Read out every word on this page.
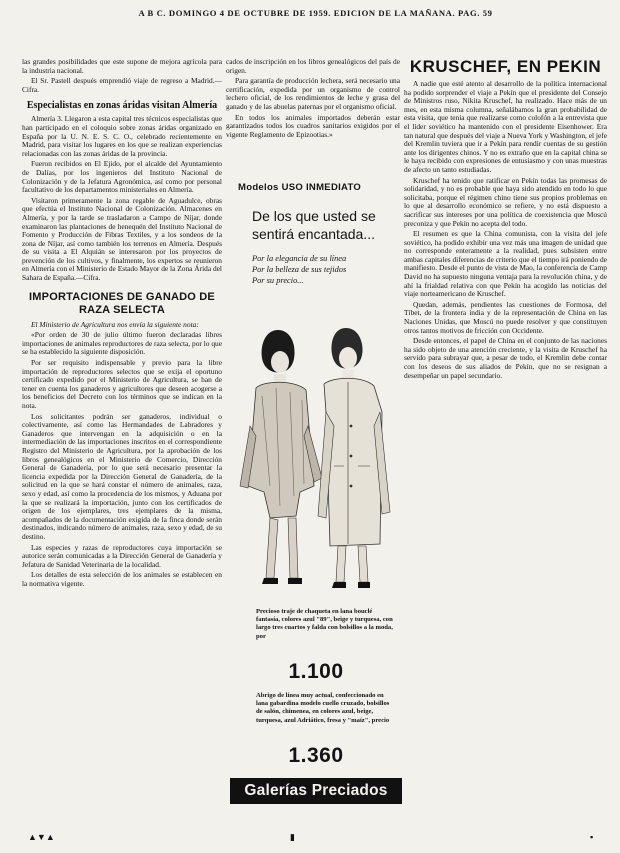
A B C. DOMINGO 4 DE OCTUBRE DE 1959. EDICION DE LA MAÑANA. PAG. 59

las grandes posibilidades que este supone de mejora agrícola para la industria nacional.

El Sr. Pastell después emprendió viaje de regreso a Madrid.—Cifra.

Especialistas en zonas áridas visitan Almería

Almería 3. Llegaron a esta capital tres técnicos especialistas que han participado en el coloquio sobre zonas áridas organizado en España por la U. N. E. S. C. O., celebrado recientemente en Madrid, para visitar los lugares en los que se realizan experiencias relacionadas con las zonas áridas de la provincia.

Fueron recibidos en El Ejido, por el alcalde del Ayuntamiento de Dalías, por los ingenieros del Instituto Nacional de Colonización y de la Jefatura Agronómica, así como por personal facultativo de los departamentos ministeriales en Almería.

Visitaron primeramente la zona regable de Aguadulce, obras que efectúa el Instituto Nacional de Colonización. Almacenes en Almería, y por la tarde se trasladaron a Campo de Níjar, donde examinaron las plantaciones de henequén del Instituto Nacional de Fomento y Producción de Fibras Textiles, y a los sondeos de la zona de Níjar, así como también los terrenos en Almería. Después de su visita a El Alquián se interesaron por los proyectos de prevención de los cultivos, y finalmente, los expertos se reunieron en Almería con el Ministerio de Estado Mayor de la Zona Árida del Sahara de España.—Cifra.

IMPORTACIONES DE GANADO DE RAZA SELECTA

El Ministerio de Agricultura nos envía la siguiente nota:

«Por orden de 30 de julio último fueron declaradas libres importaciones de animales reproductores de raza selecta, por lo que se ha establecido la siguiente disposición.

Por ser requisito indispensable y previo para la libre importación de reproductores selectos que se exija el oportuno certificado expedido por el Ministerio de Agricultura, se han de tener en cuenta los ganaderos y agricultores que deseen acogerse a los beneficios del Decreto con los términos que se indican en la nota.

Los solicitantes podrán ser ganaderos, individual o colectivamente, así como las Hermandades de Labradores y Ganaderos que intervengan en la adquisición o en la intermediación de las importaciones inscritos en el correspondiente Registro del Ministerio de Agricultura, por la aprobación de los libros genealógicos en el Ministerio de Comercio, Dirección General de Ganadería, por lo que será necesario presentar la licencia expedida por la Dirección General de Ganadería, de la solicitud en la que se hará constar el número de animales, raza, sexo y edad, así como la procedencia de los mismos, y Aduana por la que se realizará la importación, junto con los certificados de origen de los ejemplares, tres ejemplares de la misma, acompañados de la documentación exigida de la finca donde serán destinados, indicando número de animales, raza, sexo y edad, de su destino.

Las especies y razas de reproductores cuya importación se autorice serán comunicadas a la Dirección General de Ganadería y Jefatura de Sanidad Veterinaria de la localidad.

Los detalles de esta selección de los animales se establecen en la normativa vigente.

cados de inscripción en los libros genealógicos del país de origen.

Para garantía de producción lechera, será necesario una certificación, expedida por un organismo de control lechero oficial, de los rendimientos de leche y grasa del ganado y de las abuelas paternas por el organismo oficial.

En todos los animales importados deberán estar garantizados todos los cuadros sanitarios exigidos por el vigente Reglamento de Epizootias.»

Modelos USO INMEDIATO
De los que usted se sentirá encantada...
Por la elegancia de su línea
Por la belleza de sus tejidos
Por su precio...
Precioso traje de chaqueta en lana bouclé fantasía, colores azul "89", beige y turquesa, con largo tres cuartos y falda con bolsillos a la moda, por
1.100
Abrigo de línea muy actual, confeccionado en lana gabardina modelo cuello cruzado, bolsillos de salón, chimenea, en colores azul, beige, turquesa, azul Adriático, fresa y "maíz", precio
1.360
Galerías Preciados
KRUSCHEF, EN PEKIN

A nadie que esté atento al desarrollo de la política internacional ha podido sorprender el viaje a Pekín que el presidente del Consejo de Ministros ruso, Nikita Kruschef, ha realizado. Hace más de un mes, en esta misma columna, señalábamos la gran probabilidad de esta visita, que tenía que realizarse como colofón a la entrevista que el líder soviético ha mantenido con el presidente Eisenhower. Era tan natural que después del viaje a Nueva York y Washington, el jefe del Kremlin tuviera que ir a Pekín para rendir cuentas de su gestión ante los dirigentes chinos. Y no es extraño que en la capital china se le haya recibido con expresiones de entusiasmo y con unas muestras de afecto un tanto estudiadas.

Kruschef ha tenido que ratificar en Pekín todas las promesas de solidaridad, y no es probable que haya sido atendido en todo lo que solicitaba, porque el régimen chino tiene sus propios problemas en lo que al desarrollo económico se refiere, y no está dispuesto a sacrificar sus intereses por una política de coexistencia que Moscú preconiza y que Pekín no acepta del todo.

El resumen es que la China comunista, con la visita del jefe soviético, ha podido exhibir una vez más una imagen de unidad que no corresponde enteramente a la realidad, pues subsisten entre ambas capitales diferencias de criterio que el tiempo irá poniendo de manifiesto. Desde el punto de vista de Mao, la conferencia de Camp David no ha supuesto ninguna ventaja para la revolución china, y de ahí la frialdad relativa con que Pekín ha acogido las noticias del viaje norteamericano de Kruschef.

Quedan, además, pendientes las cuestiones de Formosa, del Tíbet, de la frontera india y de la representación de China en las Naciones Unidas, que Moscú no puede resolver y que constituyen otros tantos motivos de fricción con Occidente.

Desde entonces, el papel de China en el conjunto de las naciones ha sido objeto de una atención creciente, y la visita de Kruschef ha servido para subrayar que, a pesar de todo, el Kremlin debe contar con los deseos de sus aliados de Pekín, que no se resignan a desempeñar un papel secundario.

▲▼▲	▮	▪
